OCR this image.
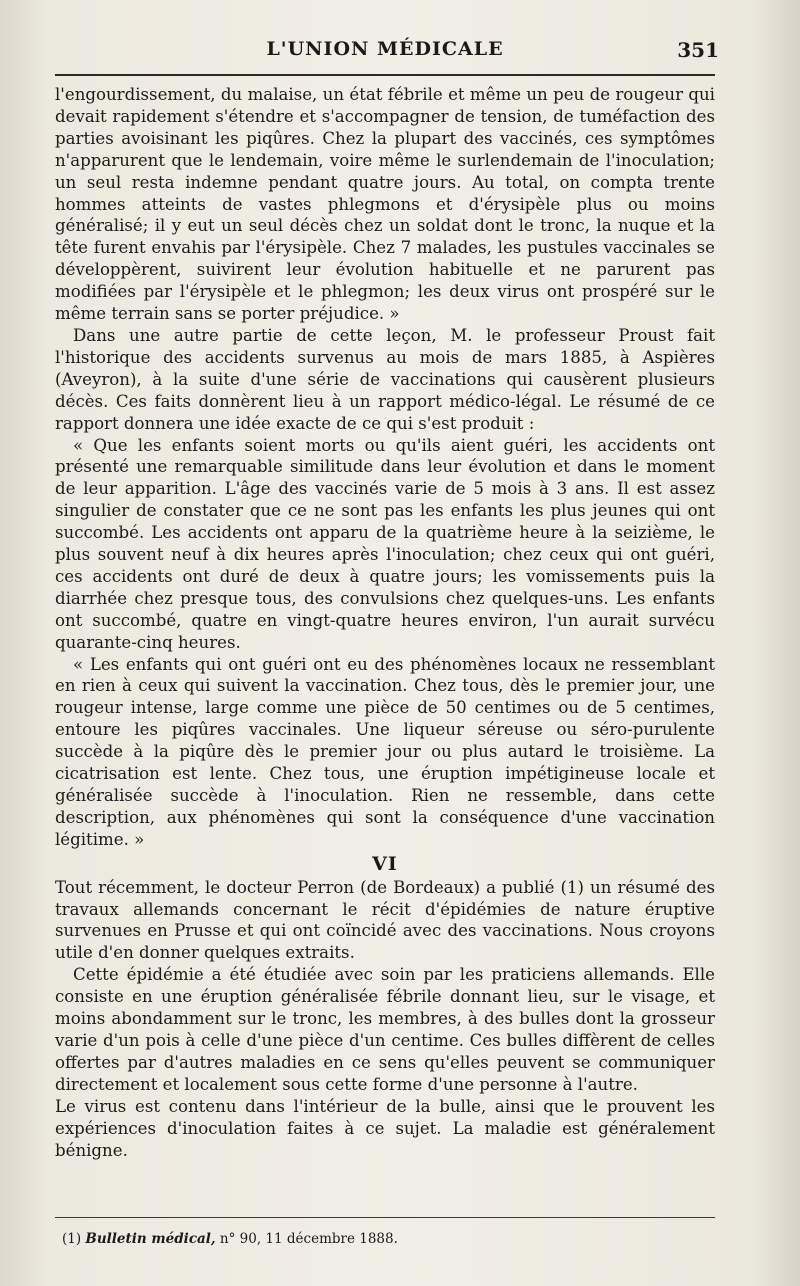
L'UNION MÉDICALE	351

l'engourdissement, du malaise, un état fébrile et même un peu de rougeur qui devait rapidement s'étendre et s'accompagner de tension, de tuméfaction des parties avoisinant les piqûres. Chez la plupart des vaccinés, ces symptômes n'apparurent que le lendemain, voire même le surlendemain de l'inoculation; un seul resta indemne pendant quatre jours. Au total, on compta trente hommes atteints de vastes phlegmons et d'érysipèle plus ou moins généralisé; il y eut un seul décès chez un soldat dont le tronc, la nuque et la tête furent envahis par l'érysipèle. Chez 7 malades, les pustules vaccinales se développèrent, suivirent leur évolution habituelle et ne parurent pas modifiées par l'érysipèle et le phlegmon; les deux virus ont prospéré sur le même terrain sans se porter préjudice. »

Dans une autre partie de cette leçon, M. le professeur Proust fait l'historique des accidents survenus au mois de mars 1885, à Aspières (Aveyron), à la suite d'une série de vaccinations qui causèrent plusieurs décès. Ces faits donnèrent lieu à un rapport médico-légal. Le résumé de ce rapport donnera une idée exacte de ce qui s'est produit :

« Que les enfants soient morts ou qu'ils aient guéri, les accidents ont présenté une remarquable similitude dans leur évolution et dans le moment de leur apparition. L'âge des vaccinés varie de 5 mois à 3 ans. Il est assez singulier de constater que ce ne sont pas les enfants les plus jeunes qui ont succombé. Les accidents ont apparu de la quatrième heure à la seizième, le plus souvent neuf à dix heures après l'inoculation; chez ceux qui ont guéri, ces accidents ont duré de deux à quatre jours; les vomissements puis la diarrhée chez presque tous, des convulsions chez quelques-uns. Les enfants ont succombé, quatre en vingt-quatre heures environ, l'un aurait survécu quarante-cinq heures.

« Les enfants qui ont guéri ont eu des phénomènes locaux ne ressemblant en rien à ceux qui suivent la vaccination. Chez tous, dès le premier jour, une rougeur intense, large comme une pièce de 50 centimes ou de 5 centimes, entoure les piqûres vaccinales. Une liqueur séreuse ou séro-purulente succède à la piqûre dès le premier jour ou plus autard le troisième. La cicatrisation est lente. Chez tous, une éruption impétigineuse locale et généralisée succède à l'inoculation. Rien ne ressemble, dans cette description, aux phénomènes qui sont la conséquence d'une vaccination légitime. »

VI

Tout récemment, le docteur Perron (de Bordeaux) a publié (1) un résumé des travaux allemands concernant le récit d'épidémies de nature éruptive survenues en Prusse et qui ont coïncidé avec des vaccinations. Nous croyons utile d'en donner quelques extraits.

Cette épidémie a été étudiée avec soin par les praticiens allemands. Elle consiste en une éruption généralisée fébrile donnant lieu, sur le visage, et moins abondamment sur le tronc, les membres, à des bulles dont la grosseur varie d'un pois à celle d'une pièce d'un centime. Ces bulles diffèrent de celles offertes par d'autres maladies en ce sens qu'elles peuvent se communiquer directement et localement sous cette forme d'une personne à l'autre.

Le virus est contenu dans l'intérieur de la bulle, ainsi que le prouvent les expériences d'inoculation faites à ce sujet. La maladie est généralement bénigne.

(1) Bulletin médical, n° 90, 11 décembre 1888.
